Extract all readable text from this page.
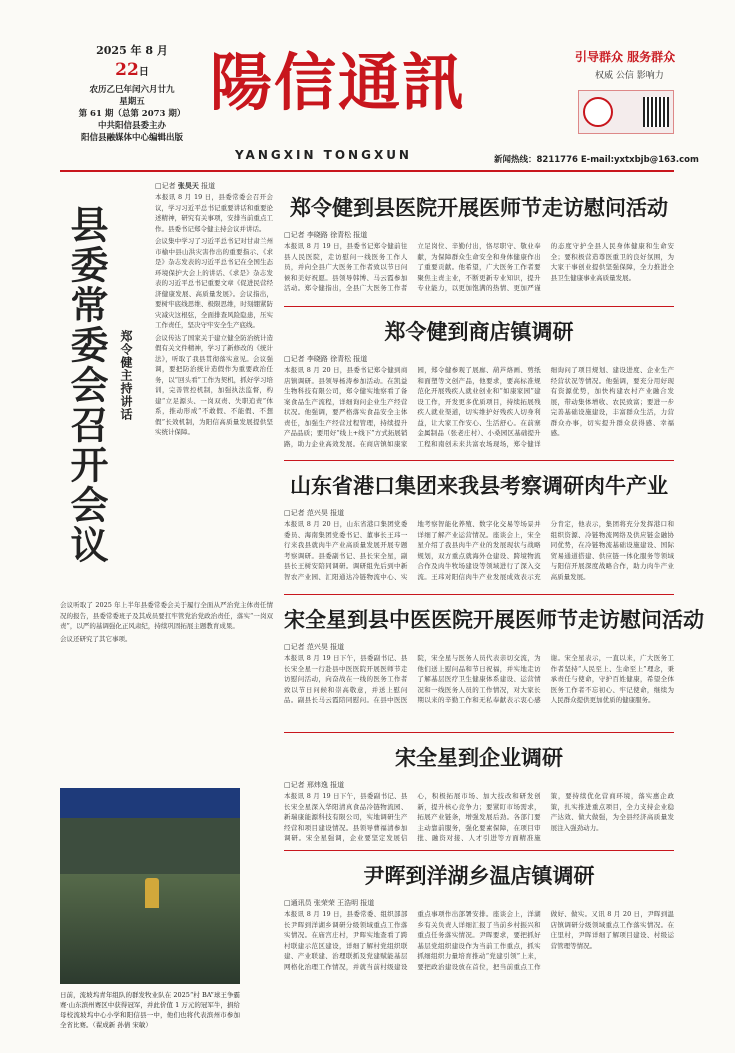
2025 年 8 月
22日
农历乙巳年闰六月廿九
星期五
第 61 期（总第 2073 期）
中共阳信县委主办
阳信县融媒体中心编辑出版
陽信通訊
YANGXIN TONGXUN
引导群众 服务群众
权威 公信 影响力
新闻热线：8211776 E-mail:yxtxbjb@163.com
县委常委会召开会议 郑令健主持讲话
□记者 张昊天 报道

本报讯 8 月 19 日，县委常委会召开会议，学习习近平总书记重要讲话和重要论述精神，研究有关事项，安排当前重点工作。县委书记郑令健主持会议并讲话。

会议集中学习了习近平总书记对甘肃兰州市榆中县山洪灾害作出的重要指示、《求是》杂志发表的习近平总书记在全国生态环境保护大会上的讲话、《求是》杂志发表的习近平总书记重要文章《促进民营经济健康发展、高质量发展》。会议指出，要树牢底线思维、极限思维，时刻绷紧防灾减灾这根弦，全面排查风险隐患，压实工作责任，坚决守牢安全生产底线。

会议传达了国家关于建立健全防治统计造假有关文件精神，学习了新修改的《统计法》，听取了我县贯彻落实意见。会议强调，要把防治统计造假作为重要政治任务，以“回头看”工作为契机，抓好学习培训，完善管控机制，加强执法监督，构建“立足源头、一岗双责、失职追责”体系，推动形成“不敢假、不能假、不想假”长效机制，为阳信高质量发展提供坚实统计保障。

会议听取了 2025 年上半年县委常委会关于履行全面从严治党主体责任情况的报告，县委常委班子及其成员要扛牢管党治党政治责任，落实“一岗双责”，以严的基调强化正风肃纪，持续巩固拓展主题教育成果。

会议还研究了其它事项。

日前，流坡坞青年组队的群发牧业队在 2025“村 BA”球王争霸赛·山东滨州赛区中获得冠军，并此价值 1 万元的冠军牛，捐给母校流坡坞中心小学和阳信县一中，他们也将代表滨州市参加全省比赛。（翟成新 孙倩 宋敏）
郑令健到县医院开展医师节走访慰问活动
□记者 李晓路 徐青松 报道

本报讯 8 月 19 日，县委书记郑令健前往县人民医院，走访慰问一线医务工作人员，并向全县广大医务工作者致以节日问候和美好祝愿。县领导韩博、马云霞参加活动。郑令健指出，全县广大医务工作者立足岗位、辛勤付出，恪尽职守、敬业奉献，为保障群众生命安全和身体健康作出了重要贡献。他希望，广大医务工作者要聚焦主责主业，不断更新专业知识，提升专业能力，以更加饱满的热情、更加严谨的态度守护全县人民身体健康和生命安全；要积极营造尊医重卫的良好氛围，为大家干事创业提供坚强保障，全力推进全县卫生健康事业高质量发展。

郑令健到商店镇调研
□记者 李晓路 徐青松 报道

本报讯 8 月 20 日，县委书记郑令健到商店镇调研。县领导杨涛参加活动。在凯益生物科技有限公司，郑令健实地察看了备案食品生产流程，详细询问企业生产经营状况。他强调，要严格落实食品安全主体责任，加强生产经营过程管理，持续提升产品品质；要用好“线上+线下”方式拓展销路，助力企业高效发展。在商店镇如康家园，郑令健参观了展廊、葫芦烙画、剪纸和面塑等文创产品，他要求，要高标准规范化开展残疾人就业创业和“如康家园”建设工作，开发更多优质项目，持续拓展残疾人就业渠道，切实维护好残疾人切身利益，让大家工作安心、生活舒心。在前寨金属制品（张老庄村）、小桑园区基础提升工程和南创未来共富农场现场，郑令健详细询问了项目规划、建设进度、企业生产经营状况等情况。他强调，要充分用好现有资源优势，加快构建农村产业融合发展，带动集体增收、农民致富；要进一步完善基础设施建设，丰富群众生活，力营群众办事，切实提升群众获得感、幸福感。

山东省港口集团来我县考察调研肉牛产业
□记者 范兴昊 报道

本报讯 8 月 20 日，山东省港口集团党委委员、海南集团党委书记、董事长王玮一行来我县就肉牛产业高质量发展开展专题考察调研。县委副书记、县长宋全星，副县长王树安陪同调研。调研组先后到中新智农产业园、汇阳通达冷链物流中心、实地考察智能化养殖、数字化交易等场景并详细了解产业运营情况。座谈会上，宋全星介绍了我县肉牛产业的发展现状与战略规划，双方重点就海外仓建设、跨境物流合作及肉牛牧场建设等领域进行了深入交流。王玮对阳信肉牛产业发展成效表示充分肯定，他表示，集团将充分发挥港口和组织资源、冷链物流网络及供应链金融协同优势，在冷链物流基础设施建设、国际贸易通道搭建、供应链一体化服务等领域与阳信开展深度战略合作，助力肉牛产业高质量发展。

宋全星到县中医医院开展医师节走访慰问活动
□记者 范兴昊 报道

本报讯 8 月 19 日下午，县委副书记、县长宋全星一行赴县中医医院开展医师节走访慰问活动，向奋战在一线的医务工作者致以节日问候和崇高敬意，并送上慰问品。副县长马云霞陪同慰问。在县中医医院，宋全星与医务人员代表亲切交流，为他们送上慰问品和节日祝福，并实地走访了解基层医疗卫生健康体系建设、运营情况和一线医务人员的工作情况，对大家长期以来的辛勤工作和无私奉献表示衷心感谢。宋全星表示，一直以来，广大医务工作者坚持“人民至上、生命至上”理念，秉承责任与使命，守护百姓健康，希望全体医务工作者不忘初心、牢记使命，继续为人民群众提供更加优质的健康服务。

宋全星到企业调研
□记者 邢炜逸 报道

本报讯 8 月 19 日下午，县委副书记、县长宋全星深入华阳清真食品冷链物流园、新瑞康能源科技有限公司，实地调研生产经营和项目建设情况。县领导曹福清参加调研。宋全星强调，企业要坚定发展信心，积极拓展市场、加大技改和研发创新，提升核心竞争力；要紧盯市场需求，拓展产业链条，增强发展后劲。各部门要主动靠前服务，强化要素保障，在项目审批、融资对接、人才引进等方面精准施策，要持续优化营商环境，落实惠企政策，扎实推进重点项目，全力支持企业稳产达效、做大做强，为全县经济高质量发展注入强劲动力。

尹晖到洋湖乡温店镇调研
□通讯员 张荣荣 王浩明 报道

本报讯 8 月 19 日，县委常委、组织部部长尹晖到洋湖乡调研分级领域重点工作落实情况。在庙宫庄村，尹晖实地查看了跨村联建示范区建设，详细了解村党组织联建、产业联建、治理联抓及党建赋能基层网格化治理工作情况，并就当前村级建设重点事项作出部署安排。座谈会上，洋湖乡有关负责人详细汇报了当前乡村振兴和重点任务落实情况。尹晖要求，要把抓好基层党组织建设作为当前工作重点，抓实抓细组织力量培育推动“党建引领”上来，要把政治建设放在首位，把当前重点工作做好、做实。又讯 8 月 20 日，尹晖到温店镇调研分级领域重点工作落实情况。在庄里村，尹晖详细了解项目建设、村级运营管理等情况。
